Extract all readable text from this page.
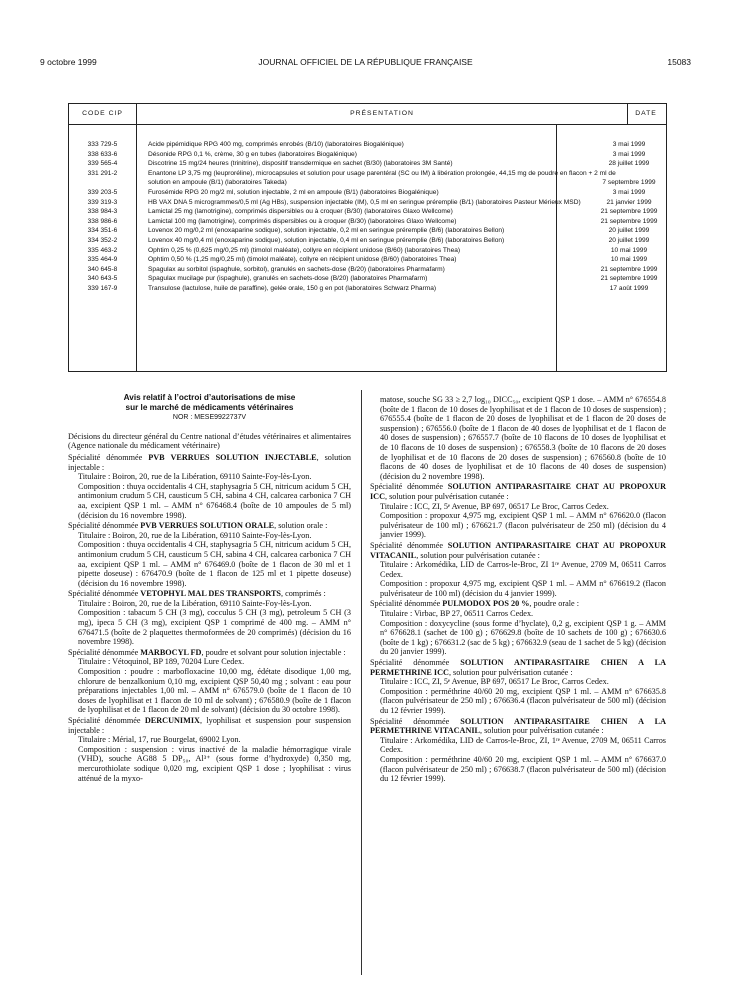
9 octobre 1999	JOURNAL OFFICIEL DE LA RÉPUBLIQUE FRANÇAISE	15083
CODE CIP	PRÉSENTATION	DATE
333 729-5	Acide pipémidique RPG 400 mg, comprimés enrobés (B/10) (laboratoires Biogalénique)	3 mai 1999
338 633-6	Désonide RPG 0,1 %, crème, 30 g en tubes (laboratoires Biogalénique)	3 mai 1999
339 565-4	Discotrine 15 mg/24 heures (trinitrine), dispositif transdermique en sachet (B/30) (laboratoires 3M Santé)	28 juillet 1999
331 291-2	Enantone LP 3,75 mg (leuproréline), microcapsules et solution pour usage parentéral (SC ou IM) à libération prolongée, 44,15 mg de poudre en flacon + 2 ml de solution en ampoule (B/1) (laboratoires Takeda)	7 septembre 1999
339 203-5	Furosémide RPG 20 mg/2 ml, solution injectable, 2 ml en ampoule (B/1) (laboratoires Biogalénique)	3 mai 1999
339 319-3	HB VAX DNA 5 microgrammes/0,5 ml (Ag HBs), suspension injectable (IM), 0,5 ml en seringue préremplie (B/1) (laboratoires Pasteur Mérieux MSD)	21 janvier 1999
338 984-3	Lamictal 25 mg (lamotrigine), comprimés dispersibles ou à croquer (B/30) (laboratoires Glaxo Wellcome)	21 septembre 1999
338 986-6	Lamictal 100 mg (lamotrigine), comprimés dispersibles ou à croquer (B/30) (laboratoires Glaxo Wellcome)	21 septembre 1999
334 351-6	Lovenox 20 mg/0,2 ml (enoxaparine sodique), solution injectable, 0,2 ml en seringue préremplie (B/6) (laboratoires Bellon)	20 juillet 1999
334 352-2	Lovenox 40 mg/0,4 ml (enoxaparine sodique), solution injectable, 0,4 ml en seringue préremplie (B/6) (laboratoires Bellon)	20 juillet 1999
335 463-2	Ophtim 0,25 % (0,625 mg/0,25 ml) (timolol maléate), collyre en récipient unidose (B/60) (laboratoires Thea)	10 mai 1999
335 464-9	Ophtim 0,50 % (1,25 mg/0,25 ml) (timolol maléate), collyre en récipient unidose (B/60) (laboratoires Thea)	10 mai 1999
340 645-8	Spagulax au sorbitol (ispaghule, sorbitol), granulés en sachets-dose (B/20) (laboratoires Pharmafarm)	21 septembre 1999
340 643-5	Spagulax mucilage pur (ispaghule), granulés en sachets-dose (B/20) (laboratoires Pharmafarm)	21 septembre 1999
339 167-9	Transulose (lactulose, huile de paraffine), gelée orale, 150 g en pot (laboratoires Schwarz Pharma)	17 août 1999
Avis relatif à l’octroi d’autorisations de mise
sur le marché de médicaments vétérinaires
NOR : MESE9922737V
Décisions du directeur général du Centre national d’études vétérinaires et alimentaires (Agence nationale du médicament vétérinaire)
Spécialité dénommée PVB VERRUES SOLUTION INJECTABLE, solution injectable :
Titulaire : Boiron, 20, rue de la Libération, 69110 Sainte-Foy-lès-Lyon.
Composition : thuya occidentalis 4 CH, staphysagria 5 CH, nitricum acidum 5 CH, antimonium crudum 5 CH, causticum 5 CH, sabina 4 CH, calcarea carbonica 7 CH aa, excipient QSP 1 ml. – AMM n° 676468.4 (boîte de 10 ampoules de 5 ml) (décision du 16 novembre 1998).
Spécialité dénommée PVB VERRUES SOLUTION ORALE, solution orale :
Titulaire : Boiron, 20, rue de la Libération, 69110 Sainte-Foy-lès-Lyon.
Composition : thuya occidentalis 4 CH, staphysagria 5 CH, nitricum acidum 5 CH, antimonium crudum 5 CH, causticum 5 CH, sabina 4 CH, calcarea carbonica 7 CH aa, excipient QSP 1 ml. – AMM n° 676469.0 (boîte de 1 flacon de 30 ml et 1 pipette doseuse) : 676470.9 (boîte de 1 flacon de 125 ml et 1 pipette doseuse) (décision du 16 novembre 1998).
Spécialité dénommée VETOPHYL MAL DES TRANSPORTS, comprimés :
Titulaire : Boiron, 20, rue de la Libération, 69110 Sainte-Foy-lès-Lyon.
Composition : tabacum 5 CH (3 mg), cocculus 5 CH (3 mg), petroleum 5 CH (3 mg), ipeca 5 CH (3 mg), excipient QSP 1 comprimé de 400 mg. – AMM n° 676471.5 (boîte de 2 plaquettes thermoformées de 20 comprimés) (décision du 16 novembre 1998).
Spécialité dénommée MARBOCYL FD, poudre et solvant pour solution injectable :
Titulaire : Vétoquinol, BP 189, 70204 Lure Cedex.
Composition : poudre : marbofloxacine 10,00 mg, édétate disodique 1,00 mg, chlorure de benzalkonium 0,10 mg, excipient QSP 50,40 mg ; solvant : eau pour préparations injectables 1,00 ml. – AMM n° 676579.0 (boîte de 1 flacon de 10 doses de lyophilisat et 1 flacon de 10 ml de solvant) ; 676580.9 (boîte de 1 flacon de lyophilisat et de 1 flacon de 20 ml de solvant) (décision du 30 octobre 1998).
Spécialité dénommée DERCUNIMIX, lyophilisat et suspension pour suspension injectable :
Titulaire : Mérial, 17, rue Bourgelat, 69002 Lyon.
Composition : suspension : virus inactivé de la maladie hémorragique virale (VHD), souche AG88 5 DP₅₀, Al³⁺ (sous forme d’hydroxyde) 0,350 mg, mercurothiolate sodique 0,020 mg, excipient QSP 1 dose ; lyophilisat : virus atténué de la myxo-
matose, souche SG 33 ≥ 2,7 log₁₀ DICC₅₀, excipient QSP 1 dose. – AMM n° 676554.8 (boîte de 1 flacon de 10 doses de lyophilisat et de 1 flacon de 10 doses de suspension) ; 676555.4 (boîte de 1 flacon de 20 doses de lyophilisat et de 1 flacon de 20 doses de suspension) ; 676556.0 (boîte de 1 flacon de 40 doses de lyophilisat et de 1 flacon de 40 doses de suspension) ; 676557.7 (boîte de 10 flacons de 10 doses de lyophilisat et de 10 flacons de 10 doses de suspension) ; 676558.3 (boîte de 10 flacons de 20 doses de lyophilisat et de 10 flacons de 20 doses de suspension) ; 676560.8 (boîte de 10 flacons de 40 doses de lyophilisat et de 10 flacons de 40 doses de suspension) (décision du 2 novembre 1998).
Spécialité dénommée SOLUTION ANTIPARASITAIRE CHAT AU PROPOXUR ICC, solution pour pulvérisation cutanée :
Titulaire : ICC, ZI, 5ᵉ Avenue, BP 697, 06517 Le Broc, Carros Cedex.
Composition : propoxur 4,975 mg, excipient QSP 1 ml. – AMM n° 676620.0 (flacon pulvérisateur de 100 ml) ; 676621.7 (flacon pulvérisateur de 250 ml) (décision du 4 janvier 1999).
Spécialité dénommée SOLUTION ANTIPARASITAIRE CHAT AU PROPOXUR VITACANIL, solution pour pulvérisation cutanée :
Titulaire : Arkomédika, LID de Carros-le-Broc, ZI 1ʳᵉ Avenue, 2709 M, 06511 Carros Cedex.
Composition : propoxur 4,975 mg, excipient QSP 1 ml. – AMM n° 676619.2 (flacon pulvérisateur de 100 ml) (décision du 4 janvier 1999).
Spécialité dénommée PULMODOX POS 20 %, poudre orale :
Titulaire : Virbac, BP 27, 06511 Carros Cedex.
Composition : doxycycline (sous forme d’hyclate), 0,2 g, excipient QSP 1 g. – AMM n° 676628.1 (sachet de 100 g) ; 676629.8 (boîte de 10 sachets de 100 g) ; 676630.6 (boîte de 1 kg) ; 676631.2 (sac de 5 kg) ; 676632.9 (seau de 1 sachet de 5 kg) (décision du 20 janvier 1999).
Spécialité dénommée SOLUTION ANTIPARASITAIRE CHIEN A LA PERMETHRINE ICC, solution pour pulvérisation cutanée :
Titulaire : ICC, ZI, 5ᵉ Avenue, BP 697, 06517 Le Broc, Carros Cedex.
Composition : perméthrine 40/60 20 mg, excipient QSP 1 ml. – AMM n° 676635.8 (flacon pulvérisateur de 250 ml) ; 676636.4 (flacon pulvérisateur de 500 ml) (décision du 12 février 1999).
Spécialité dénommée SOLUTION ANTIPARASITAIRE CHIEN A LA PERMETHRINE VITACANIL, solution pour pulvérisation cutanée :
Titulaire : Arkomédika, LID de Carros-le-Broc, ZI, 1ʳᵉ Avenue, 2709 M, 06511 Carros Cedex.
Composition : perméthrine 40/60 20 mg, excipient QSP 1 ml. – AMM n° 676637.0 (flacon pulvérisateur de 250 ml) ; 676638.7 (flacon pulvérisateur de 500 ml) (décision du 12 février 1999).
